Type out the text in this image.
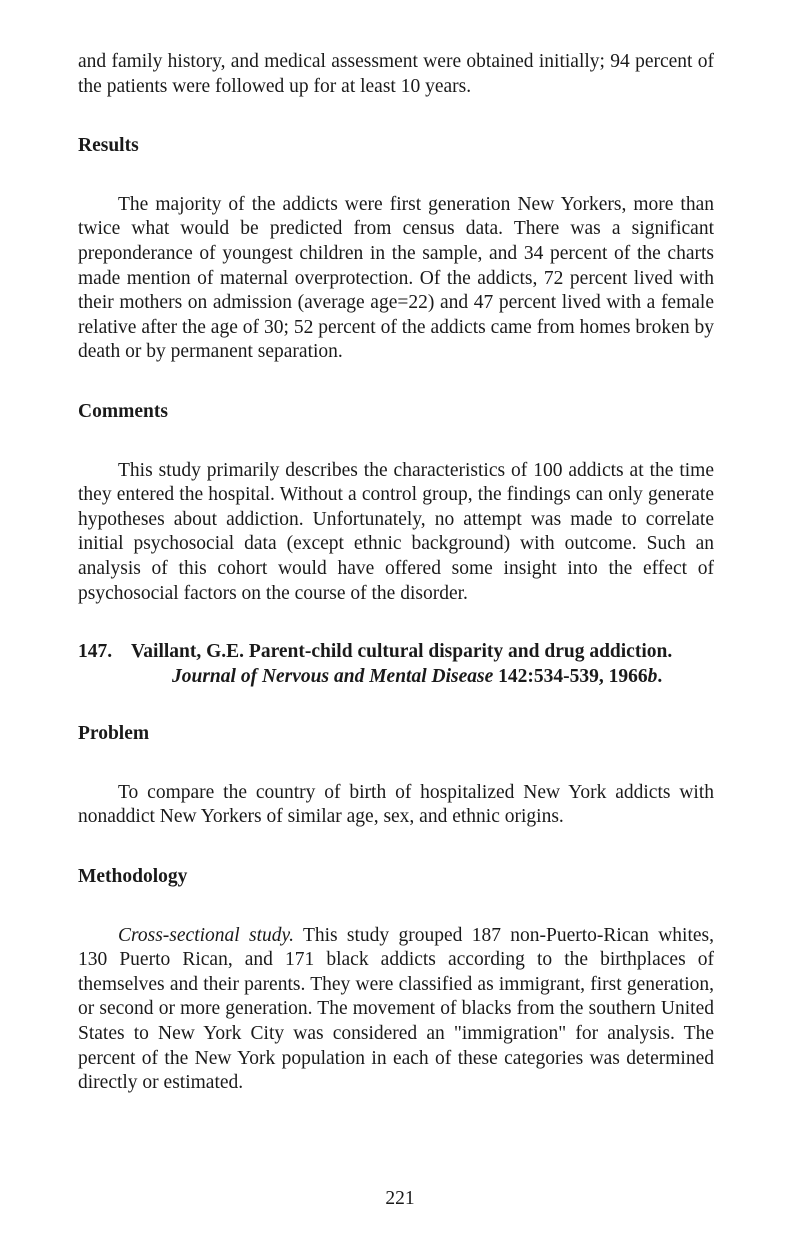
and family history, and medical assessment were obtained initially; 94 percent of the patients were followed up for at least 10 years.

Results

The majority of the addicts were first generation New Yorkers, more than twice what would be predicted from census data. There was a significant preponderance of youngest children in the sample, and 34 percent of the charts made mention of maternal overprotection. Of the addicts, 72 percent lived with their mothers on admission (average age=22) and 47 percent lived with a female relative after the age of 30; 52 percent of the addicts came from homes broken by death or by permanent separation.

Comments

This study primarily describes the characteristics of 100 addicts at the time they entered the hospital. Without a control group, the findings can only generate hypotheses about addiction. Unfortunately, no attempt was made to correlate initial psychosocial data (except ethnic background) with outcome. Such an analysis of this cohort would have offered some insight into the effect of psychosocial factors on the course of the disorder.

147. Vaillant, G.E. Parent-child cultural disparity and drug addiction.

Journal of Nervous and Mental Disease 142:534-539, 1966b.

Problem

To compare the country of birth of hospitalized New York addicts with nonaddict New Yorkers of similar age, sex, and ethnic origins.

Methodology

Cross-sectional study. This study grouped 187 non-Puerto-Rican whites, 130 Puerto Rican, and 171 black addicts according to the birthplaces of themselves and their parents. They were classified as immigrant, first generation, or second or more generation. The movement of blacks from the southern United States to New York City was considered an "immigration" for analysis. The percent of the New York population in each of these categories was determined directly or estimated.

221
